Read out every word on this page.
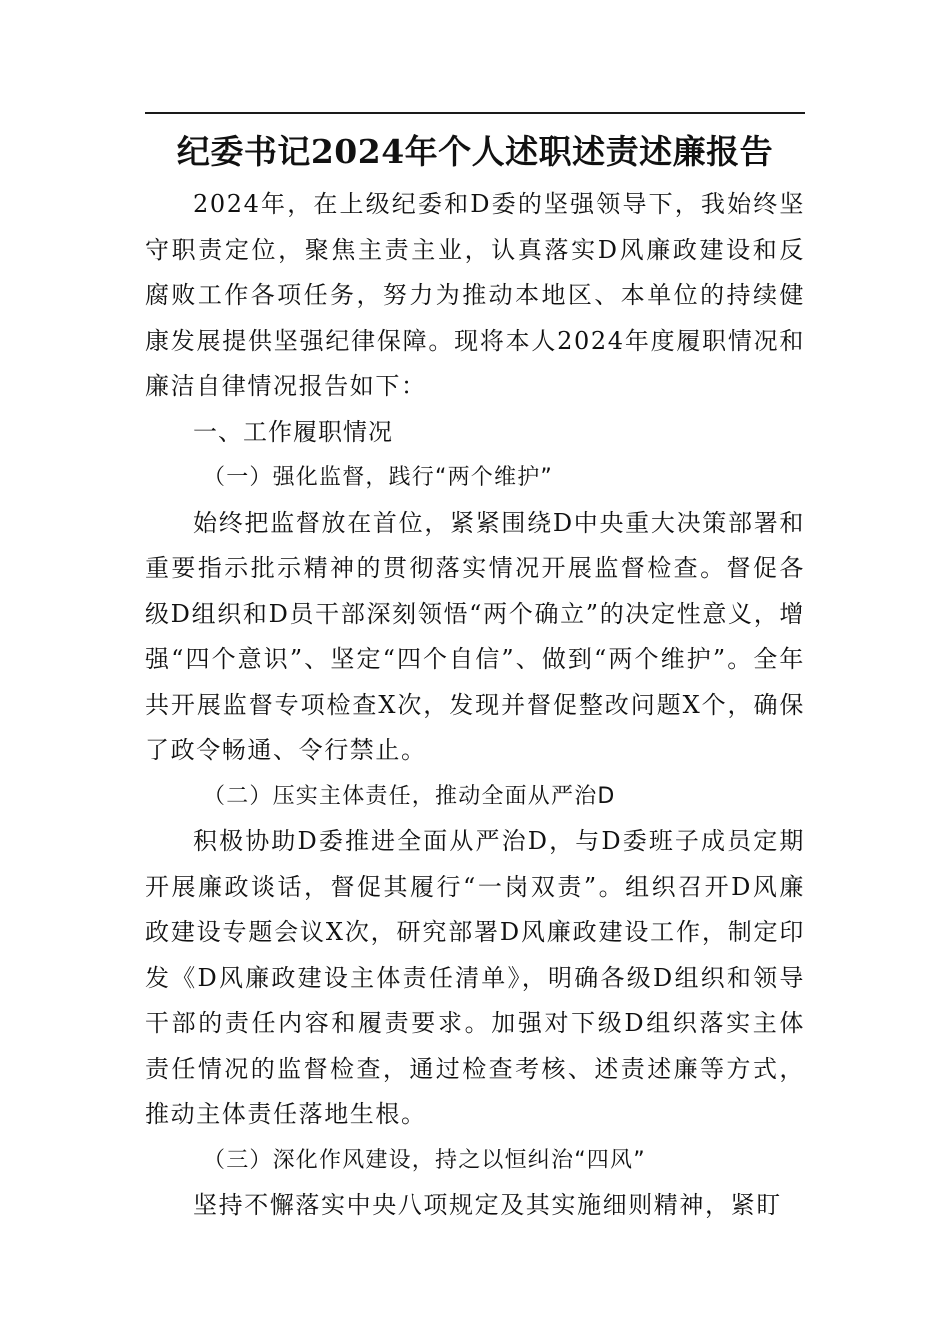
纪委书记2024年个人述职述责述廉报告

2024年，在上级纪委和D委的坚强领导下，我始终坚守职责定位，聚焦主责主业，认真落实D风廉政建设和反腐败工作各项任务，努力为推动本地区、本单位的持续健康发展提供坚强纪律保障。现将本人2024年度履职情况和廉洁自律情况报告如下：

一、工作履职情况

（一）强化监督，践行“两个维护”

始终把监督放在首位，紧紧围绕D中央重大决策部署和重要指示批示精神的贯彻落实情况开展监督检查。督促各级D组织和D员干部深刻领悟“两个确立”的决定性意义，增强“四个意识”、坚定“四个自信”、做到“两个维护”。全年共开展监督专项检查X次，发现并督促整改问题X个，确保了政令畅通、令行禁止。

（二）压实主体责任，推动全面从严治D

积极协助D委推进全面从严治D，与D委班子成员定期开展廉政谈话，督促其履行“一岗双责”。组织召开D风廉政建设专题会议X次，研究部署D风廉政建设工作，制定印发《D风廉政建设主体责任清单》，明确各级D组织和领导干部的责任内容和履责要求。加强对下级D组织落实主体责任情况的监督检查，通过检查考核、述责述廉等方式，推动主体责任落地生根。

（三）深化作风建设，持之以恒纠治“四风”

坚持不懈落实中央八项规定及其实施细则精神，紧盯
